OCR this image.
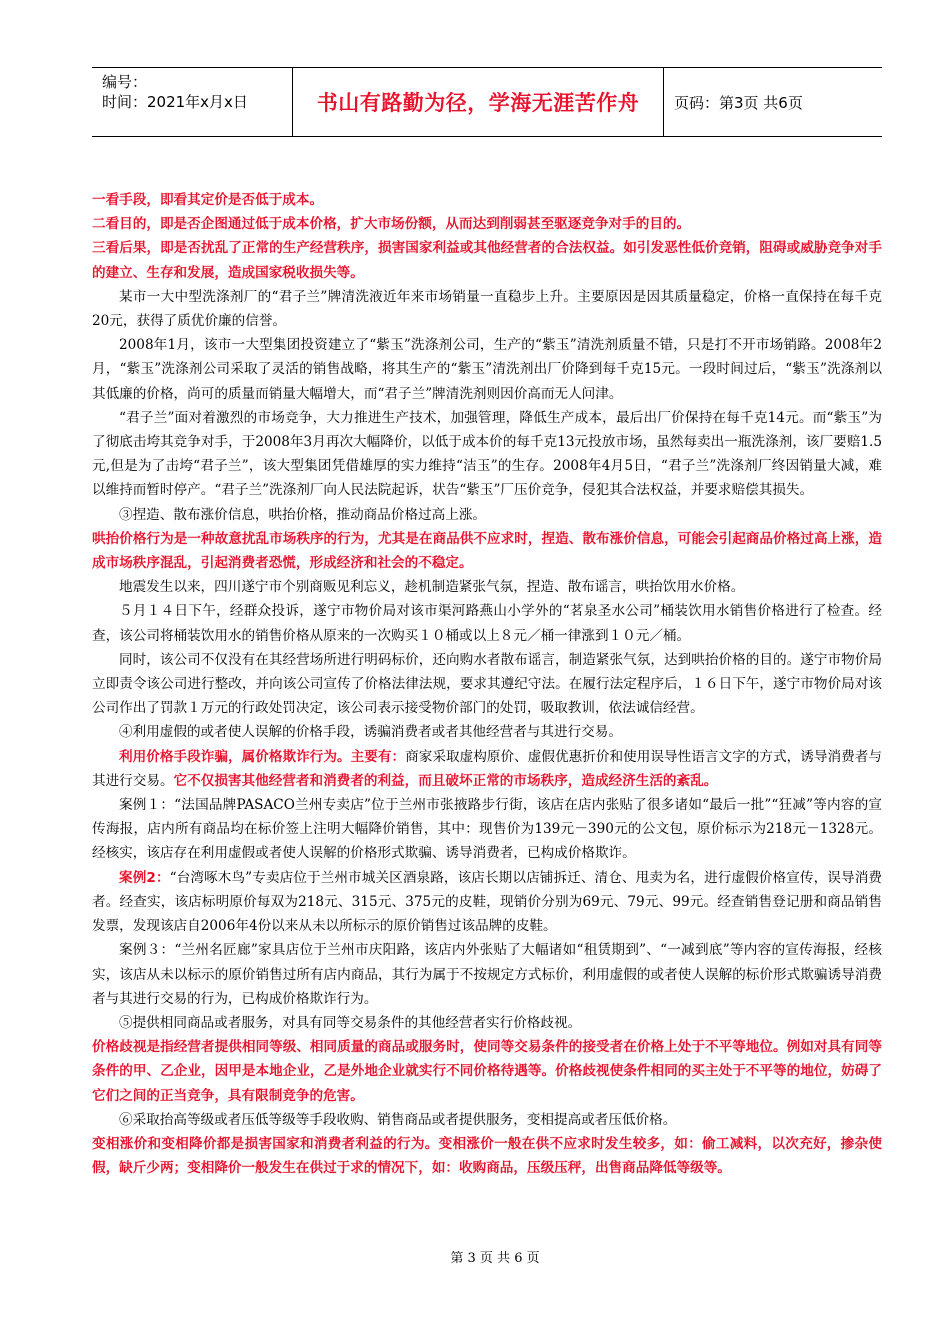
编号：
时间：2021年x月x日	书山有路勤为径，学海无涯苦作舟	页码：第3页 共6页

一看手段，即看其定价是否低于成本。

二看目的，即是否企图通过低于成本价格，扩大市场份额，从而达到削弱甚至驱逐竞争对手的目的。

三看后果，即是否扰乱了正常的生产经营秩序，损害国家利益或其他经营者的合法权益。如引发恶性低价竞销，阻碍或威胁竞争对手的建立、生存和发展，造成国家税收损失等。

某市一大中型洗涤剂厂的“君子兰”牌清洗液近年来市场销量一直稳步上升。主要原因是因其质量稳定，价格一直保持在每千克20元，获得了质优价廉的信誉。

2008年1月，该市一大型集团投资建立了“紫玉”洗涤剂公司，生产的“紫玉”清洗剂质量不错，只是打不开市场销路。2008年2月，“紫玉”洗涤剂公司采取了灵活的销售战略，将其生产的“紫玉”清洗剂出厂价降到每千克15元。一段时间过后，“紫玉”洗涤剂以其低廉的价格，尚可的质量而销量大幅增大，而“君子兰”牌清洗剂则因价高而无人问津。

“君子兰”面对着激烈的市场竞争，大力推进生产技术，加强管理，降低生产成本，最后出厂价保持在每千克14元。而“紫玉”为了彻底击垮其竞争对手，于2008年3月再次大幅降价，以低于成本价的每千克13元投放市场，虽然每卖出一瓶洗涤剂，该厂要赔1.5元,但是为了击垮“君子兰”，该大型集团凭借雄厚的实力维持“洁玉”的生存。2008年4月5日，“君子兰”洗涤剂厂终因销量大减，难以维持而暂时停产。“君子兰”洗涤剂厂向人民法院起诉，状告“紫玉”厂压价竞争，侵犯其合法权益，并要求赔偿其损失。

③捏造、散布涨价信息，哄抬价格，推动商品价格过高上涨。

哄抬价格行为是一种故意扰乱市场秩序的行为，尤其是在商品供不应求时，捏造、散布涨价信息，可能会引起商品价格过高上涨，造成市场秩序混乱，引起消费者恐慌，形成经济和社会的不稳定。

地震发生以来，四川遂宁市个别商贩见利忘义，趁机制造紧张气氛，捏造、散布谣言，哄抬饮用水价格。

５月１４日下午，经群众投诉，遂宁市物价局对该市渠河路燕山小学外的“茗泉圣水公司”桶装饮用水销售价格进行了检查。经查，该公司将桶装饮用水的销售价格从原来的一次购买１０桶或以上８元／桶一律涨到１０元／桶。

同时，该公司不仅没有在其经营场所进行明码标价，还向购水者散布谣言，制造紧张气氛，达到哄抬价格的目的。遂宁市物价局立即责令该公司进行整改，并向该公司宣传了价格法律法规，要求其遵纪守法。在履行法定程序后，１６日下午，遂宁市物价局对该公司作出了罚款１万元的行政处罚决定，该公司表示接受物价部门的处罚，吸取教训，依法诚信经营。

④利用虚假的或者使人误解的价格手段，诱骗消费者或者其他经营者与其进行交易。

利用价格手段诈骗，属价格欺诈行为。主要有：商家采取虚构原价、虚假优惠折价和使用误导性语言文字的方式，诱导消费者与其进行交易。它不仅损害其他经营者和消费者的利益，而且破坏正常的市场秩序，造成经济生活的紊乱。

案例１：“法国品牌PASACO兰州专卖店”位于兰州市张掖路步行街，该店在店内张贴了很多诸如“最后一批”“狂减”等内容的宣传海报，店内所有商品均在标价签上注明大幅降价销售，其中：现售价为139元－390元的公文包，原价标示为218元－1328元。经核实，该店存在利用虚假或者使人误解的价格形式欺骗、诱导消费者，已构成价格欺诈。

案例2：“台湾啄木鸟”专卖店位于兰州市城关区酒泉路，该店长期以店铺拆迁、清仓、甩卖为名，进行虚假价格宣传，误导消费者。经查实，该店标明原价每双为218元、315元、375元的皮鞋，现销价分别为69元、79元、99元。经查销售登记册和商品销售发票，发现该店自2006年4份以来从未以所标示的原价销售过该品牌的皮鞋。

案例３：“兰州名匠廊”家具店位于兰州市庆阳路，该店内外张贴了大幅诸如“租赁期到”、“一减到底”等内容的宣传海报，经核实，该店从未以标示的原价销售过所有店内商品，其行为属于不按规定方式标价，利用虚假的或者使人误解的标价形式欺骗诱导消费者与其进行交易的行为，已构成价格欺诈行为。

⑤提供相同商品或者服务，对具有同等交易条件的其他经营者实行价格歧视。

价格歧视是指经营者提供相同等级、相同质量的商品或服务时，使同等交易条件的接受者在价格上处于不平等地位。例如对具有同等条件的甲、乙企业，因甲是本地企业，乙是外地企业就实行不同价格待遇等。价格歧视使条件相同的买主处于不平等的地位，妨碍了它们之间的正当竞争，具有限制竞争的危害。

⑥采取抬高等级或者压低等级等手段收购、销售商品或者提供服务，变相提高或者压低价格。

变相涨价和变相降价都是损害国家和消费者利益的行为。变相涨价一般在供不应求时发生较多，如：偷工减料，以次充好，掺杂使假，缺斤少两；变相降价一般发生在供过于求的情况下，如：收购商品，压级压秤，出售商品降低等级等。

第 3 页 共 6 页
